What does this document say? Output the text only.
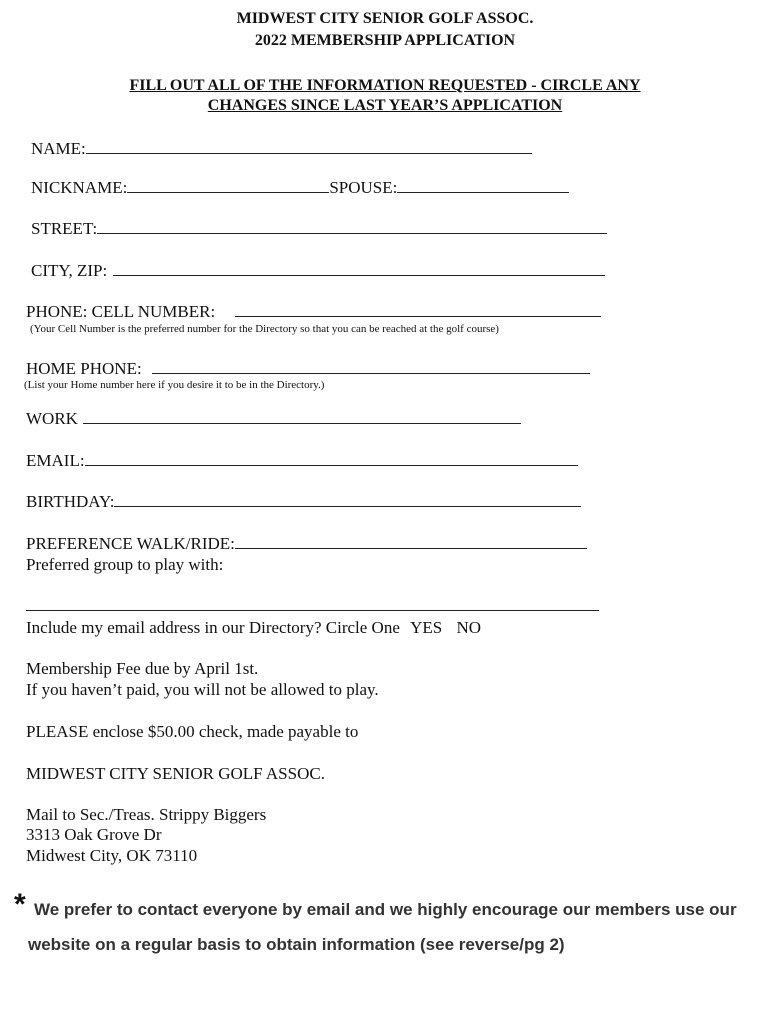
MIDWEST CITY SENIOR GOLF ASSOC.
2022 MEMBERSHIP APPLICATION
FILL OUT ALL OF THE INFORMATION REQUESTED - CIRCLE ANY
CHANGES SINCE LAST YEAR’S APPLICATION
NAME:
NICKNAME:	SPOUSE:
STREET:
CITY, ZIP:
PHONE: CELL NUMBER:
(Your Cell Number is the preferred number for the Directory so that you can be reached at the golf course)
HOME PHONE:
(List your Home number here if you desire it to be in the Directory.)
WORK
EMAIL:
BIRTHDAY:
PREFERENCE WALK/RIDE:
Preferred group to play with:
Include my email address in our Directory? Circle One YES NO
Membership Fee due by April 1st.
If you haven’t paid, you will not be allowed to play.
PLEASE enclose $50.00 check, made payable to
MIDWEST CITY SENIOR GOLF ASSOC.
Mail to Sec./Treas. Strippy Biggers
3313 Oak Grove Dr
Midwest City, OK 73110
* We prefer to contact everyone by email and we highly encourage our members use our
website on a regular basis to obtain information (see reverse/pg 2)
